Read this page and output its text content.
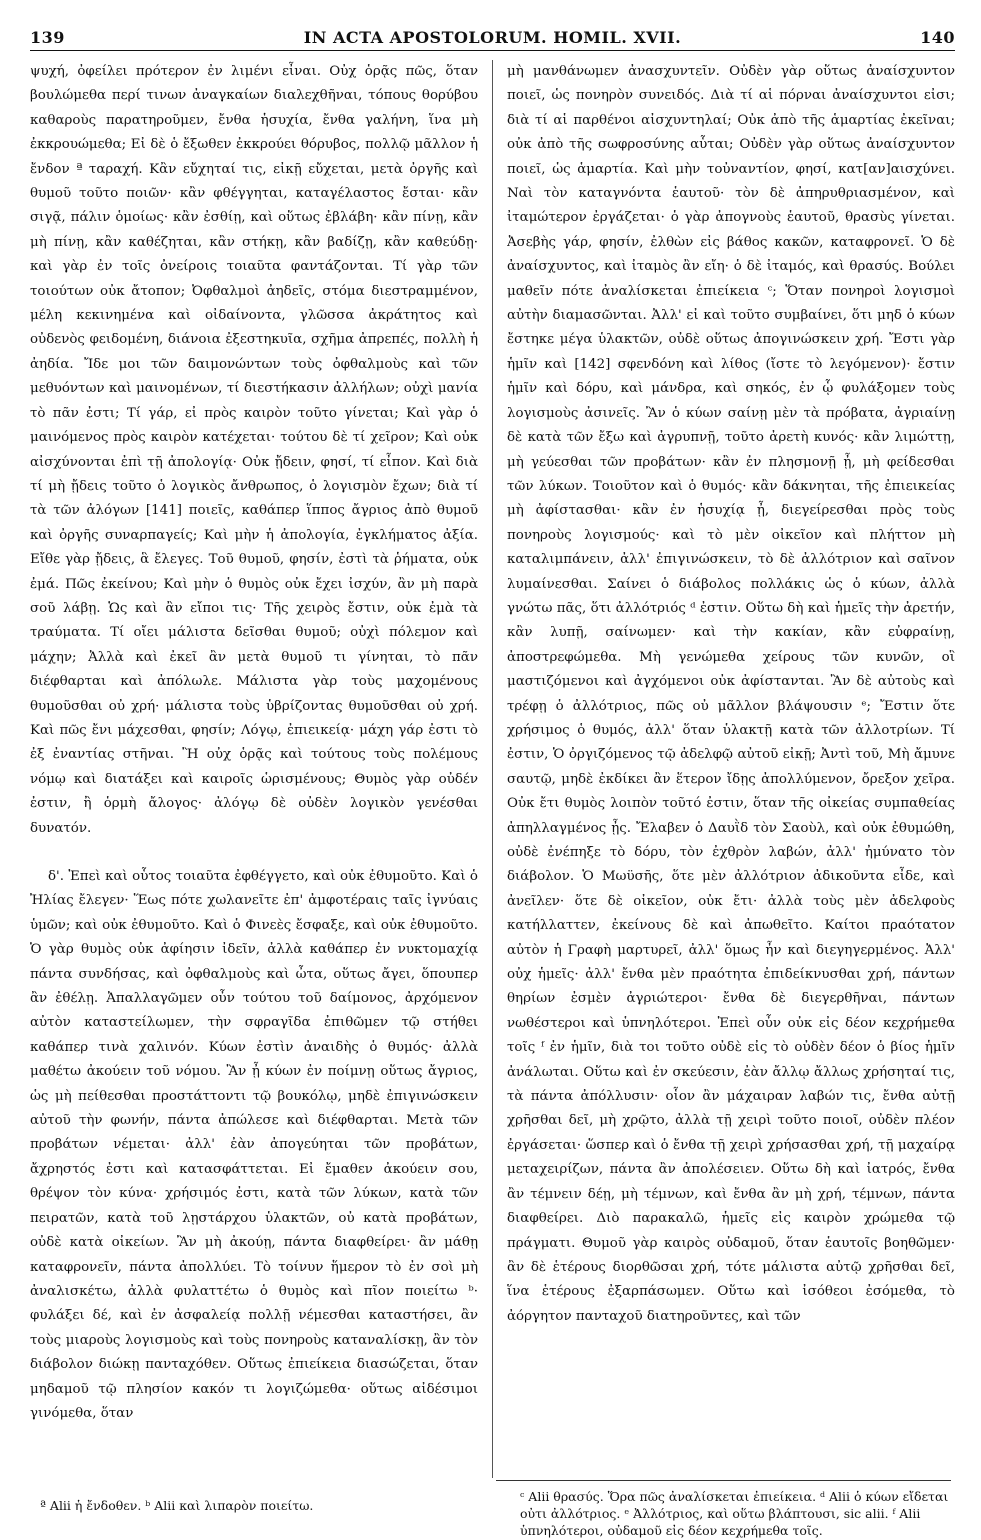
139	IN ACTA APOSTOLORUM. HOMIL. XVII.	140

ψυχή, ὀφείλει πρότερον ἐν λιμένι εἶναι. Οὐχ ὁρᾷς πῶς, ὅταν βουλώμεθα περί τινων ἀναγκαίων διαλεχθῆναι, τόπους θορύβου καθαροὺς παρατηροῦμεν, ἔνθα ἡσυχία, ἔνθα γαλήνη, ἵνα μὴ ἐκκρουώμεθα; Εἰ δὲ ὁ ἔξωθεν ἐκκρούει θόρυβος, πολλῷ μᾶλλον ἡ ἔνδον ª ταραχή. Κἂν εὔχηταί τις, εἰκῇ εὔχεται, μετὰ ὀργῆς καὶ θυμοῦ τοῦτο ποιῶν· κἂν φθέγγηται, καταγέλαστος ἔσται· κἂν σιγᾷ, πάλιν ὁμοίως· κἂν ἐσθίῃ, καὶ οὕτως ἐβλάβη· κἂν πίνῃ, κἂν μὴ πίνῃ, κἂν καθέζηται, κἂν στήκῃ, κἂν βαδίζῃ, κἂν καθεύδῃ· καὶ γὰρ ἐν τοῖς ὀνείροις τοιαῦτα φαντάζονται. Τί γὰρ τῶν τοιούτων οὐκ ἄτοπον; Ὀφθαλμοὶ ἀηδεῖς, στόμα διεστραμμένον, μέλη κεκινημένα καὶ οἰδαίνοντα, γλῶσσα ἀκράτητος καὶ οὐδενὸς φειδομένη, διάνοια ἐξεστηκυῖα, σχῆμα ἀπρεπές, πολλὴ ἡ ἀηδία. Ἴδε μοι τῶν δαιμονώντων τοὺς ὀφθαλμοὺς καὶ τῶν μεθυόντων καὶ μαινομένων, τί διεστήκασιν ἀλλήλων; οὐχὶ μανία τὸ πᾶν ἐστι; Τί γάρ, εἰ πρὸς καιρὸν τοῦτο γίνεται; Καὶ γὰρ ὁ μαινόμενος πρὸς καιρὸν κατέχεται· τούτου δὲ τί χεῖρον; Καὶ οὐκ αἰσχύνονται ἐπὶ τῇ ἀπολογίᾳ· Οὐκ ᾔδειν, φησί, τί εἶπον. Καὶ διὰ τί μὴ ᾔδεις τοῦτο ὁ λογικὸς ἄνθρωπος, ὁ λογισμὸν ἔχων; διὰ τί τὰ τῶν ἀλόγων [141] ποιεῖς, καθάπερ ἵππος ἄγριος ἀπὸ θυμοῦ καὶ ὀργῆς συναρπαγείς; Καὶ μὴν ἡ ἀπολογία, ἐγκλήματος ἀξία. Εἴθε γὰρ ᾔδεις, ἃ ἔλεγες. Τοῦ θυμοῦ, φησίν, ἐστὶ τὰ ῥήματα, οὐκ ἐμά. Πῶς ἐκείνου; Καὶ μὴν ὁ θυμὸς οὐκ ἔχει ἰσχύν, ἂν μὴ παρὰ σοῦ λάβῃ. Ὡς καὶ ἂν εἴποι τις· Τῆς χειρὸς ἔστιν, οὐκ ἐμὰ τὰ τραύματα. Τί οἴει μάλιστα δεῖσθαι θυμοῦ; οὐχὶ πόλεμον καὶ μάχην; Ἀλλὰ καὶ ἐκεῖ ἂν μετὰ θυμοῦ τι γίνηται, τὸ πᾶν διέφθαρται καὶ ἀπόλωλε. Μάλιστα γὰρ τοὺς μαχομένους θυμοῦσθαι οὐ χρή· μάλιστα τοὺς ὑβρίζοντας θυμοῦσθαι οὐ χρή. Καὶ πῶς ἔνι μάχεσθαι, φησίν; Λόγῳ, ἐπιεικείᾳ· μάχη γάρ ἐστι τὸ ἐξ ἐναντίας στῆναι. Ἢ οὐχ ὁρᾷς καὶ τούτους τοὺς πολέμους νόμῳ καὶ διατάξει καὶ καιροῖς ὡρισμένους; Θυμὸς γὰρ οὐδέν ἐστιν, ἢ ὁρμὴ ἄλογος· ἀλόγῳ δὲ οὐδὲν λογικὸν γενέσθαι δυνατόν.

δ'. Ἐπεὶ καὶ οὗτος τοιαῦτα ἐφθέγγετο, καὶ οὐκ ἐθυμοῦτο. Καὶ ὁ Ἠλίας ἔλεγεν· Ἕως πότε χωλανεῖτε ἐπ' ἀμφοτέραις ταῖς ἰγνύαις ὑμῶν; καὶ οὐκ ἐθυμοῦτο. Καὶ ὁ Φινεὲς ἔσφαξε, καὶ οὐκ ἐθυμοῦτο. Ὁ γὰρ θυμὸς οὐκ ἀφίησιν ἰδεῖν, ἀλλὰ καθάπερ ἐν νυκτομαχίᾳ πάντα συνδήσας, καὶ ὀφθαλμοὺς καὶ ὦτα, οὕτως ἄγει, ὅπουπερ ἂν ἐθέλῃ. Ἀπαλλαγῶμεν οὖν τούτου τοῦ δαίμονος, ἀρχόμενον αὐτὸν καταστείλωμεν, τὴν σφραγῖδα ἐπιθῶμεν τῷ στήθει καθάπερ τινὰ χαλινόν. Κύων ἐστὶν ἀναιδὴς ὁ θυμός· ἀλλὰ μαθέτω ἀκούειν τοῦ νόμου. Ἂν ᾖ κύων ἐν ποίμνῃ οὕτως ἄγριος, ὡς μὴ πείθεσθαι προστάττοντι τῷ βουκόλῳ, μηδὲ ἐπιγινώσκειν αὐτοῦ τὴν φωνήν, πάντα ἀπώλεσε καὶ διέφθαρται. Μετὰ τῶν προβάτων νέμεται· ἀλλ' ἐὰν ἀπογεύηται τῶν προβάτων, ἄχρηστός ἐστι καὶ κατασφάττεται. Εἰ ἔμαθεν ἀκούειν σου, θρέψον τὸν κύνα· χρήσιμός ἐστι, κατὰ τῶν λύκων, κατὰ τῶν πειρατῶν, κατὰ τοῦ λῃστάρχου ὑλακτῶν, οὐ κατὰ προβάτων, οὐδὲ κατὰ οἰκείων. Ἂν μὴ ἀκούῃ, πάντα διαφθείρει· ἂν μάθῃ καταφρονεῖν, πάντα ἀπολλύει. Τὸ τοίνυν ἥμερον τὸ ἐν σοὶ μὴ ἀναλισκέτω, ἀλλὰ φυλαττέτω ὁ θυμὸς καὶ πῖον ποιείτω ᵇ· φυλάξει δέ, καὶ ἐν ἀσφαλείᾳ πολλῇ νέμεσθαι καταστήσει, ἂν τοὺς μιαροὺς λογισμοὺς καὶ τοὺς πονηροὺς καταναλίσκῃ, ἂν τὸν διάβολον διώκῃ πανταχόθεν. Οὕτως ἐπιείκεια διασώζεται, ὅταν μηδαμοῦ τῷ πλησίον κακόν τι λογιζώμεθα· οὕτως αἰδέσιμοι γινόμεθα, ὅταν

μὴ μανθάνωμεν ἀνασχυντεῖν. Οὐδὲν γὰρ οὕτως ἀναίσχυντον ποιεῖ, ὡς πονηρὸν συνειδός. Διὰ τί αἱ πόρναι ἀναίσχυντοι εἰσι; διὰ τί αἱ παρθένοι αἰσχυντηλαί; Οὐκ ἀπὸ τῆς ἁμαρτίας ἐκεῖναι; οὐκ ἀπὸ τῆς σωφροσύνης αὗται; Οὐδὲν γὰρ οὕτως ἀναίσχυντον ποιεῖ, ὡς ἁμαρτία. Καὶ μὴν τοὐναντίον, φησί, κατ[αν]αισχύνει. Ναὶ τὸν καταγνόντα ἑαυτοῦ· τὸν δὲ ἀπηρυθριασμένον, καὶ ἰταμώτερον ἐργάζεται· ὁ γὰρ ἀπογνοὺς ἑαυτοῦ, θρασὺς γίνεται. Ἀσεβὴς γάρ, φησίν, ἐλθὼν εἰς βάθος κακῶν, καταφρονεῖ. Ὁ δὲ ἀναίσχυντος, καὶ ἰταμὸς ἂν εἴη· ὁ δὲ ἰταμός, καὶ θρασύς. Βούλει μαθεῖν πότε ἀναλίσκεται ἐπιείκεια ᶜ; Ὅταν πονηροὶ λογισμοὶ αὐτὴν διαμασῶνται. Ἀλλ' εἰ καὶ τοῦτο συμβαίνει, ὅτι μηδ ὁ κύων ἔστηκε μέγα ὑλακτῶν, οὐδὲ οὕτως ἀπογινώσκειν χρή. Ἔστι γὰρ ἡμῖν καὶ [142] σφενδόνη καὶ λίθος (ἴστε τὸ λεγόμενον)· ἔστιν ἡμῖν καὶ δόρυ, καὶ μάνδρα, καὶ σηκός, ἐν ᾧ φυλάξομεν τοὺς λογισμοὺς ἀσινεῖς. Ἂν ὁ κύων σαίνῃ μὲν τὰ πρόβατα, ἀγριαίνῃ δὲ κατὰ τῶν ἔξω καὶ ἀγρυπνῇ, τοῦτο ἀρετὴ κυνός· κἂν λιμώττῃ, μὴ γεύεσθαι τῶν προβάτων· κἂν ἐν πλησμονῇ ᾖ, μὴ φείδεσθαι τῶν λύκων. Τοιοῦτον καὶ ὁ θυμός· κἂν δάκνηται, τῆς ἐπιεικείας μὴ ἀφίστασθαι· κἂν ἐν ἡσυχίᾳ ᾖ, διεγείρεσθαι πρὸς τοὺς πονηροὺς λογισμούς· καὶ τὸ μὲν οἰκεῖον καὶ πλήττον μὴ καταλιμπάνειν, ἀλλ' ἐπιγινώσκειν, τὸ δὲ ἀλλότριον καὶ σαῖνον λυμαίνεσθαι. Σαίνει ὁ διάβολος πολλάκις ὡς ὁ κύων, ἀλλὰ γνώτω πᾶς, ὅτι ἀλλότριός ᵈ ἐστιν. Οὕτω δὴ καὶ ἡμεῖς τὴν ἀρετήν, κἂν λυπῇ, σαίνωμεν· καὶ τὴν κακίαν, κἂν εὐφραίνῃ, ἀποστρεφώμεθα. Μὴ γενώμεθα χείρους τῶν κυνῶν, οἳ μαστιζόμενοι καὶ ἀγχόμενοι οὐκ ἀφίστανται. Ἂν δὲ αὐτοὺς καὶ τρέφῃ ὁ ἀλλότριος, πῶς οὐ μᾶλλον βλάψουσιν ᵉ; Ἔστιν ὅτε χρήσιμος ὁ θυμός, ἀλλ' ὅταν ὑλακτῇ κατὰ τῶν ἀλλοτρίων. Τί ἐστιν, Ὁ ὀργιζόμενος τῷ ἀδελφῷ αὐτοῦ εἰκῇ; Ἀντὶ τοῦ, Μὴ ἄμυνε σαυτῷ, μηδὲ ἐκδίκει ἂν ἕτερον ἴδῃς ἀπολλύμενον, ὄρεξον χεῖρα. Οὐκ ἔτι θυμὸς λοιπὸν τοῦτό ἐστιν, ὅταν τῆς οἰκείας συμπαθείας ἀπηλλαγμένος ᾖς. Ἔλαβεν ὁ Δαυῒδ τὸν Σαοὺλ, καὶ οὐκ ἐθυμώθη, οὐδὲ ἐνέπηξε τὸ δόρυ, τὸν ἐχθρὸν λαβών, ἀλλ' ἠμύνατο τὸν διάβολον. Ὁ Μωϋσῆς, ὅτε μὲν ἀλλότριον ἀδικοῦντα εἶδε, καὶ ἀνεῖλεν· ὅτε δὲ οἰκεῖον, οὐκ ἔτι· ἀλλὰ τοὺς μὲν ἀδελφοὺς κατήλλαττεν, ἐκείνους δὲ καὶ ἀπωθεῖτο. Καίτοι πραότατον αὐτὸν ἡ Γραφὴ μαρτυρεῖ, ἀλλ' ὅμως ἦν καὶ διεγηγερμένος. Ἀλλ' οὐχ ἡμεῖς· ἀλλ' ἔνθα μὲν πραότητα ἐπιδείκνυσθαι χρή, πάντων θηρίων ἐσμὲν ἀγριώτεροι· ἔνθα δὲ διεγερθῆναι, πάντων νωθέστεροι καὶ ὑπνηλότεροι. Ἐπεὶ οὖν οὐκ εἰς δέον κεχρήμεθα τοῖς ᶠ ἐν ἡμῖν, διὰ τοι τοῦτο οὐδὲ εἰς τὸ οὐδὲν δέον ὁ βίος ἡμῖν ἀνάλωται. Οὕτω καὶ ἐν σκεύεσιν, ἐὰν ἄλλῳ ἄλλως χρήσηταί τις, τὰ πάντα ἀπόλλυσιν· οἷον ἂν μάχαιραν λαβών τις, ἔνθα αὐτῇ χρῆσθαι δεῖ, μὴ χρῷτο, ἀλλὰ τῇ χειρὶ τοῦτο ποιοῖ, οὐδὲν πλέον ἐργάσεται· ὥσπερ καὶ ὁ ἔνθα τῇ χειρὶ χρήσασθαι χρή, τῇ μαχαίρᾳ μεταχειρίζων, πάντα ἂν ἀπολέσειεν. Οὕτω δὴ καὶ ἰατρός, ἔνθα ἂν τέμνειν δέῃ, μὴ τέμνων, καὶ ἔνθα ἂν μὴ χρή, τέμνων, πάντα διαφθείρει. Διὸ παρακαλῶ, ἡμεῖς εἰς καιρὸν χρώμεθα τῷ πράγματι. Θυμοῦ γὰρ καιρὸς οὐδαμοῦ, ὅταν ἑαυτοῖς βοηθῶμεν· ἂν δὲ ἑτέρους διορθῶσαι χρή, τότε μάλιστα αὐτῷ χρῆσθαι δεῖ, ἵνα ἑτέρους ἐξαρπάσωμεν. Οὕτω καὶ ἰσόθεοι ἐσόμεθα, τὸ ἀόργητον πανταχοῦ διατηροῦντες, καὶ τῶν

ª Alii ἡ ἔνδοθεν. ᵇ Alii καὶ λιπαρὸν ποιείτω.
ᶜ Alii θρασύς. Ὅρα πῶς ἀναλίσκεται ἐπιείκεια. ᵈ Alii ὁ κύων εἴδεται οὐτι ἀλλότριος. ᵉ Ἀλλότριος, καὶ οὕτω βλάπτουσι, sic alii. ᶠ Alii ὑπνηλότεροι, οὐδαμοῦ εἰς δέον κεχρήμεθα τοῖς.
